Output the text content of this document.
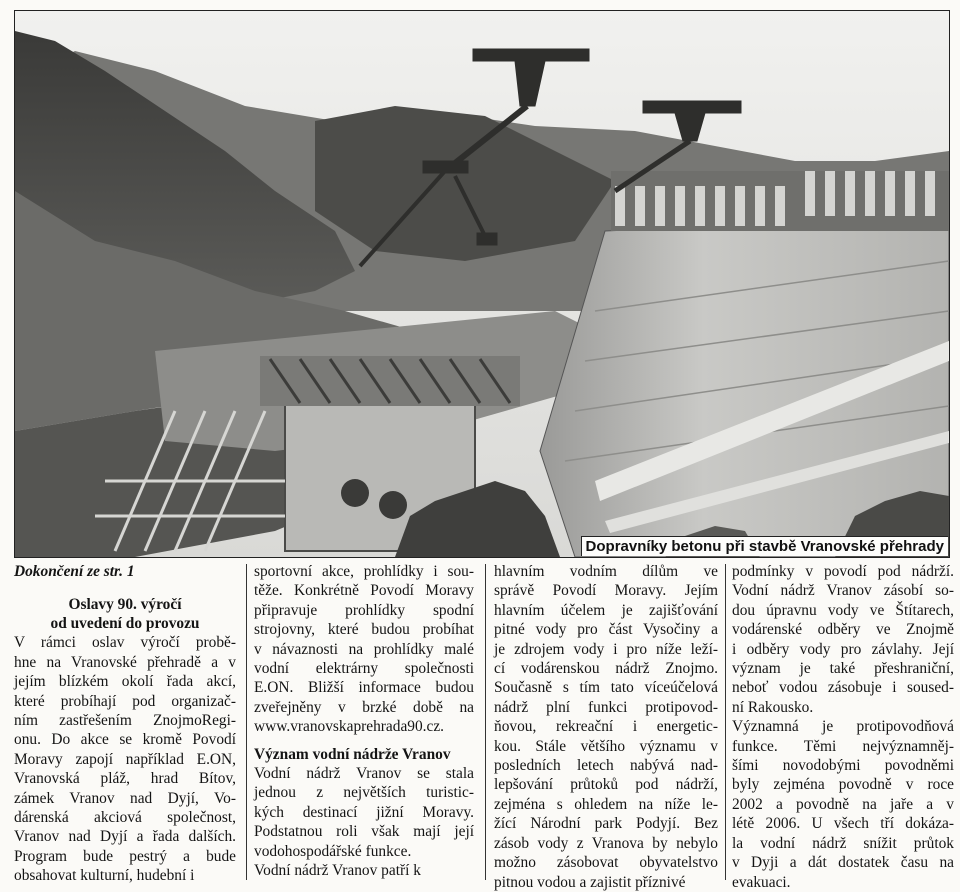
Dopravníky betonu při stavbě Vranovské přehrady
Dokončení ze str. 1
Oslavy 90. výročí
od uvedení do provozu
V rámci oslav výročí probě-
hne na Vranovské přehradě a v
jejím blízkém okolí řada akcí,
které probíhají pod organizač-
ním zastřešením ZnojmoRegi-
onu. Do akce se kromě Povodí
Moravy zapojí například E.ON,
Vranovská pláž, hrad Bítov,
zámek Vranov nad Dyjí, Vo-
dárenská akciová společnost,
Vranov nad Dyjí a řada dalších.
Program bude pestrý a bude
obsahovat kulturní, hudební i
sportovní akce, prohlídky i sou-
těže. Konkrétně Povodí Moravy
připravuje prohlídky spodní
strojovny, které budou probíhat
v návaznosti na prohlídky malé
vodní elektrárny společnosti
E.ON. Bližší informace budou
zveřejněny v brzké době na
www.vranovskaprehrada90.cz.
Význam vodní nádrže Vranov
Vodní nádrž Vranov se stala
jednou z největších turistic-
kých destinací jižní Moravy.
Podstatnou roli však mají její
vodohospodářské funkce.
Vodní nádrž Vranov patří k
hlavním vodním dílům ve
správě Povodí Moravy. Jejím
hlavním účelem je zajišťování
pitné vody pro část Vysočiny a
je zdrojem vody i pro níže leží-
cí vodárenskou nádrž Znojmo.
Současně s tím tato víceúčelová
nádrž plní funkci protipovod-
ňovou, rekreační i energetic-
kou. Stále většího významu v
posledních letech nabývá nad-
lepšování průtoků pod nádrží,
zejména s ohledem na níže le-
žící Národní park Podyjí. Bez
zásob vody z Vranova by nebylo
možno zásobovat obyvatelstvo
pitnou vodou a zajistit příznivé
podmínky v povodí pod nádrží.
Vodní nádrž Vranov zásobí so-
dou úpravnu vody ve Štítarech,
vodárenské odběry ve Znojmě
i odběry vody pro závlahy. Její
význam je také přeshraniční,
neboť vodou zásobuje i soused-
ní Rakousko.
Významná je protipovodňová
funkce. Těmi nejvýznamněj-
šími novodobými povodněmi
byly zejména povodně v roce
2002 a povodně na jaře a v
létě 2006. U všech tří dokáza-
la vodní nádrž snížit průtok
v Dyji a dát dostatek času na
evakuaci.
